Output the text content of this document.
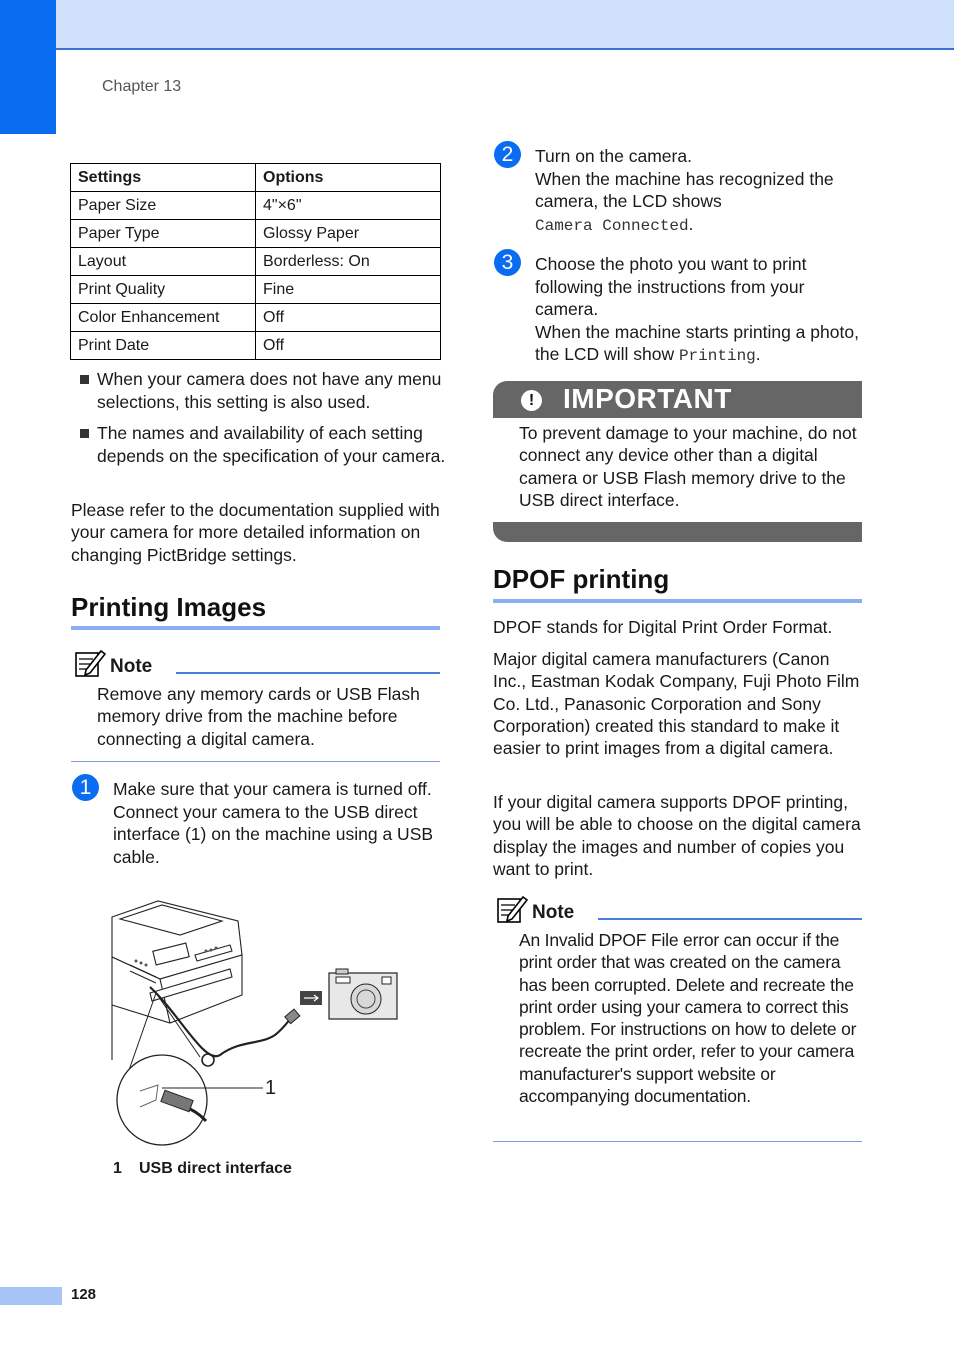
Chapter 13
Settings	Options
Paper Size	4"×6"
Paper Type	Glossy Paper
Layout	Borderless: On
Print Quality	Fine
Color Enhancement	Off
Print Date	Off
When your camera does not have any menu selections, this setting is also used.
The names and availability of each setting depends on the specification of your camera.
Please refer to the documentation supplied with your camera for more detailed information on changing PictBridge settings.
Printing Images
Note
Remove any memory cards or USB Flash memory drive from the machine before connecting a digital camera.
1	Make sure that your camera is turned off. Connect your camera to the USB direct interface (1) on the machine using a USB cable.
1
1 USB direct interface
2	Turn on the camera.
When the machine has recognized the camera, the LCD shows
Camera Connected.
3	Choose the photo you want to print following the instructions from your camera.
When the machine starts printing a photo, the LCD will show Printing.
! IMPORTANT
To prevent damage to your machine, do not connect any device other than a digital camera or USB Flash memory drive to the USB direct interface.
DPOF printing
DPOF stands for Digital Print Order Format.
Major digital camera manufacturers (Canon Inc., Eastman Kodak Company, Fuji Photo Film Co. Ltd., Panasonic Corporation and Sony Corporation) created this standard to make it easier to print images from a digital camera.
If your digital camera supports DPOF printing, you will be able to choose on the digital camera display the images and number of copies you want to print.
Note
An Invalid DPOF File error can occur if the print order that was created on the camera has been corrupted. Delete and recreate the print order using your camera to correct this problem. For instructions on how to delete or recreate the print order, refer to your camera manufacturer's support website or accompanying documentation.
128
